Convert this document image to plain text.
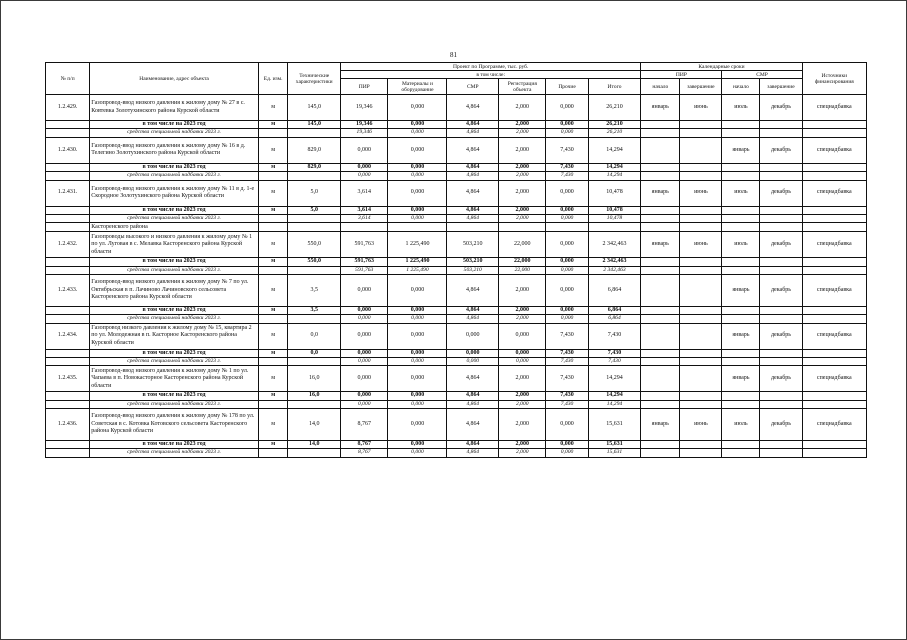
81
№ п/п	Наименование, адрес объекта	Ед. изм.	Технические характеристики	Проект по Программе, тыс. руб.						Календарные сроки				Источники финансирования
				в том числе:						ПИР		СМР		
				ПИР	Материалы и оборудование	СМР	Регистрация объекта	Прочие	Итого	начало	завершение	начало	завершение	
1.2.429.	Газопровод-ввод низкого давления к жилому дому № 27 в с. Ковтевка Золотухинского района Курской области	м	145,0	19,346	0,000	4,864	2,000	0,000	26,210	январь	июнь	июль	декабрь	спецнадбавка
	в том числе на 2023 год	м	145,0	19,346	0,000	4,864	2,000	0,000	26,210					
	средства специальной надбавки 2023 г.			19,346	0,000	4,864	2,000	0,000	26,210					
1.2.430.	Газопровод-ввод низкого давления к жилому дому № 16 в д. Телегино Золотухинского района Курской области	м	829,0	0,000	0,000	4,864	2,000	7,430	14,294			январь	декабрь	спецнадбавка
	в том числе на 2023 год	м	829,0	0,000	0,000	4,864	2,000	7,430	14,294					
	средства специальной надбавки 2023 г.			0,000	0,000	4,864	2,000	7,430	14,294					
1.2.431.	Газопровод-ввод низкого давления к жилому дому № 11 в д. 1-е Скородное Золотухинского района Курской области	м	5,0	3,614	0,000	4,864	2,000	0,000	10,478	январь	июнь	июль	декабрь	спецнадбавка
	в том числе на 2023 год	м	5,0	3,614	0,000	4,864	2,000	0,000	10,478					
	средства специальной надбавки 2023 г.			3,614	0,000	4,864	2,000	0,000	10,478					
	Касторенского района													
1.2.432.	Газопроводы высокого и низкого давления к жилому дому № 1 по ул. Луговая в с. Мелавка Касторенского района Курской области	м	550,0	591,763	1 225,490	503,210	22,000	0,000	2 342,463	январь	июнь	июль	декабрь	спецнадбавка
	в том числе на 2023 год	м	550,0	591,763	1 225,490	503,210	22,000	0,000	2 342,463					
	средства специальной надбавки 2023 г.			591,763	1 225,490	503,210	22,000	0,000	2 342,463					
1.2.433.	Газопровод-ввод низкого давления к жилому дому № 7 по ул. Октябрьская в п. Лачиново Лачиновского сельсовета Касторенского района Курской области	м	3,5	0,000	0,000	4,864	2,000	0,000	6,864			январь	декабрь	спецнадбавка
	в том числе на 2023 год	м	3,5	0,000	0,000	4,864	2,000	0,000	6,864					
	средства специальной надбавки 2023 г.			0,000	0,000	4,864	2,000	0,000	6,864					
1.2.434.	Газопровод низкого давления к жилому дому № 15, квартира 2 по ул. Молодежная в п. Касторное Касторенского района Курской области	м	0,0	0,000	0,000	0,000	0,000	7,430	7,430			январь	декабрь	спецнадбавка
	в том числе на 2023 год	м	0,0	0,000	0,000	0,000	0,000	7,430	7,430					
	средства специальной надбавки 2023 г.			0,000	0,000	0,000	0,000	7,430	7,430					
1.2.435.	Газопровод-ввод низкого давления к жилому дому № 1 по ул. Чапаева в п. Новокасторное Касторенского района Курской области	м	16,0	0,000	0,000	4,864	2,000	7,430	14,294			январь	декабрь	спецнадбавка
	в том числе на 2023 год	м	16,0	0,000	0,000	4,864	2,000	7,430	14,294					
	средства специальной надбавки 2023 г.			0,000	0,000	4,864	2,000	7,430	14,294					
1.2.436.	Газопровод-ввод низкого давления к жилому дому № 178 по ул. Советская в с. Котовка Котовского сельсовета Касторенского района Курской области	м	14,0	8,767	0,000	4,864	2,000	0,000	15,631	январь	июнь	июль	декабрь	спецнадбавка
	в том числе на 2023 год	м	14,0	8,767	0,000	4,864	2,000	0,000	15,631					
	средства специальной надбавки 2023 г.			8,767	0,000	4,864	2,000	0,000	15,631					
